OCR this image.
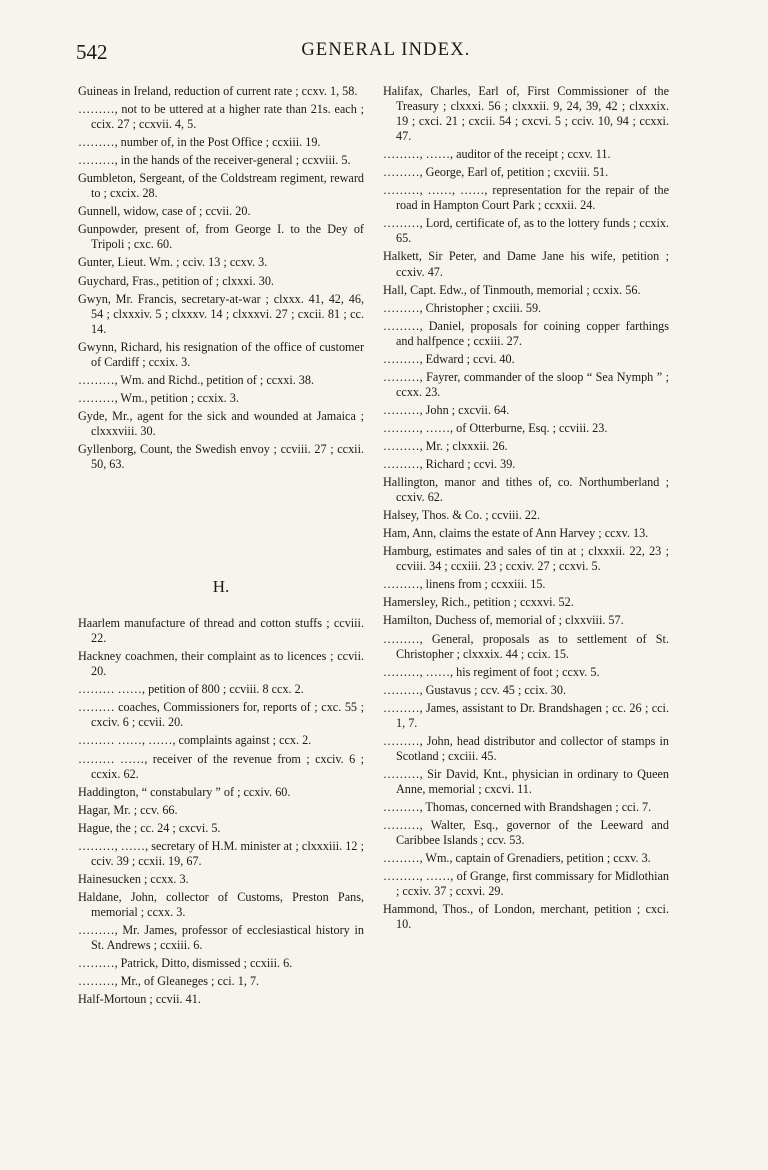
542	GENERAL INDEX.
Guineas in Ireland, reduction of current rate ; ccxv. 1, 58.
………, not to be uttered at a higher rate than 21s. each ; ccix. 27 ; ccxvii. 4, 5.
………, number of, in the Post Office ; ccxiii. 19.
………, in the hands of the receiver-general ; ccxviii. 5.
Gumbleton, Sergeant, of the Coldstream regiment, reward to ; cxcix. 28.
Gunnell, widow, case of ; ccvii. 20.
Gunpowder, present of, from George I. to the Dey of Tripoli ; cxc. 60.
Gunter, Lieut. Wm. ; cciv. 13 ; ccxv. 3.
Guychard, Fras., petition of ; clxxxi. 30.
Gwyn, Mr. Francis, secretary-at-war ; clxxx. 41, 42, 46, 54 ; clxxxiv. 5 ; clxxxv. 14 ; clxxxvi. 27 ; cxcii. 81 ; cc. 14.
Gwynn, Richard, his resignation of the office of customer of Cardiff ; ccxix. 3.
………, Wm. and Richd., petition of ; ccxxi. 38.
………, Wm., petition ; ccxix. 3.
Gyde, Mr., agent for the sick and wounded at Jamaica ; clxxxviii. 30.
Gyllenborg, Count, the Swedish envoy ; ccviii. 27 ; ccxii. 50, 63.
H.
Haarlem manufacture of thread and cotton stuffs ; ccviii. 22.
Hackney coachmen, their complaint as to licences ; ccvii. 20.
……… ……, petition of 800 ; ccviii. 8 ccx. 2.
……… coaches, Commissioners for, reports of ; cxc. 55 ; cxciv. 6 ; ccvii. 20.
……… ……, ……, complaints against ; ccx. 2.
……… ……, receiver of the revenue from ; cxciv. 6 ; ccxix. 62.
Haddington, “ constabulary ” of ; ccxiv. 60.
Hagar, Mr. ; ccv. 66.
Hague, the ; cc. 24 ; cxcvi. 5.
………, ……, secretary of H.M. minister at ; clxxxiii. 12 ; cciv. 39 ; ccxii. 19, 67.
Hainesucken ; ccxx. 3.
Haldane, John, collector of Customs, Preston Pans, memorial ; ccxx. 3.
………, Mr. James, professor of ecclesiastical history in St. Andrews ; ccxiii. 6.
………, Patrick, Ditto, dismissed ; ccxiii. 6.
………, Mr., of Gleaneges ; cci. 1, 7.
Half-Mortoun ; ccvii. 41.
Halifax, Charles, Earl of, First Commissioner of the Treasury ; clxxxi. 56 ; clxxxii. 9, 24, 39, 42 ; clxxxix. 19 ; cxci. 21 ; cxcii. 54 ; cxcvi. 5 ; cciv. 10, 94 ; ccxxi. 47.
………, ……, auditor of the receipt ; ccxv. 11.
………, George, Earl of, petition ; cxcviii. 51.
………, ……, ……, representation for the repair of the road in Hampton Court Park ; ccxxii. 24.
………, Lord, certificate of, as to the lottery funds ; ccxix. 65.
Halkett, Sir Peter, and Dame Jane his wife, petition ; ccxiv. 47.
Hall, Capt. Edw., of Tinmouth, memorial ; ccxix. 56.
………, Christopher ; cxciii. 59.
………, Daniel, proposals for coining copper farthings and halfpence ; ccxiii. 27.
………, Edward ; ccvi. 40.
………, Fayrer, commander of the sloop “ Sea Nymph ” ; ccxx. 23.
………, John ; cxcvii. 64.
………, ……, of Otterburne, Esq. ; ccviii. 23.
………, Mr. ; clxxxii. 26.
………, Richard ; ccvi. 39.
Hallington, manor and tithes of, co. Northumberland ; ccxiv. 62.
Halsey, Thos. & Co. ; ccviii. 22.
Ham, Ann, claims the estate of Ann Harvey ; ccxv. 13.
Hamburg, estimates and sales of tin at ; clxxxii. 22, 23 ; ccviii. 34 ; ccxiii. 23 ; ccxiv. 27 ; ccxvi. 5.
………, linens from ; ccxxiii. 15.
Hamersley, Rich., petition ; ccxxvi. 52.
Hamilton, Duchess of, memorial of ; clxxviii. 57.
………, General, proposals as to settlement of St. Christopher ; clxxxix. 44 ; ccix. 15.
………, ……, his regiment of foot ; ccxv. 5.
………, Gustavus ; ccv. 45 ; ccix. 30.
………, James, assistant to Dr. Brandshagen ; cc. 26 ; cci. 1, 7.
………, John, head distributor and collector of stamps in Scotland ; cxciii. 45.
………, Sir David, Knt., physician in ordinary to Queen Anne, memorial ; cxcvi. 11.
………, Thomas, concerned with Brandshagen ; cci. 7.
………, Walter, Esq., governor of the Leeward and Caribbee Islands ; ccv. 53.
………, Wm., captain of Grenadiers, petition ; ccxv. 3.
………, ……, of Grange, first commissary for Midlothian ; ccxiv. 37 ; ccxvi. 29.
Hammond, Thos., of London, merchant, petition ; cxci. 10.
